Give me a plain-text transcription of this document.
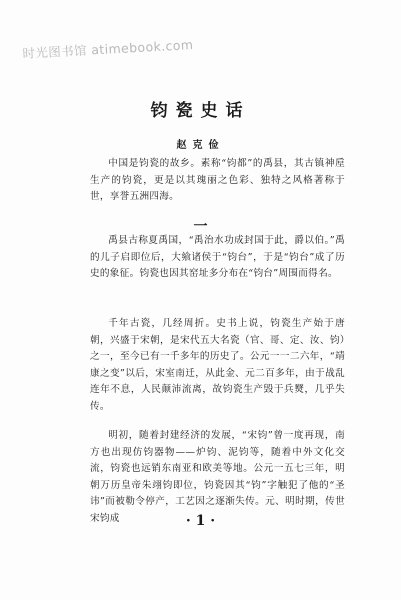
时光图书馆 atimebook.com
钧瓷史话
赵克俭

中国是钧瓷的故乡。素称“钧都”的禹县，其古镇神垕生产的钧瓷，更是以其瑰丽之色彩、独特之风格著称于世，享誉五洲四海。

一

禹县古称夏禹国，“禹治水功成封国于此，爵以伯。”禹的儿子启即位后，大飨诸侯于“钧台”，于是“钧台”成了历史的象征。钧瓷也因其窑址多分布在“钧台”周围而得名。

千年古瓷，几经周折。史书上说，钧瓷生产始于唐朝，兴盛于宋朝，是宋代五大名瓷（官、哥、定、汝、钧）之一，至今已有一千多年的历史了。公元一一二六年，“靖康之变”以后，宋室南迁，从此金、元二百多年，由于战乱连年不息，人民颠沛流离，故钧瓷生产毁于兵燹，几乎失传。

明初，随着封建经济的发展，“宋钧”曾一度再现，南方也出现仿钧器物——炉钧、泥钧等，随着中外文化交流，钧瓷也远销东南亚和欧美等地。公元一五七三年，明朝万历皇帝朱翊钧即位，钧瓷因其“钧”字触犯了他的“圣讳”而被勒令停产，工艺因之逐渐失传。元、明时期，传世宋钧成	· 1 ·
